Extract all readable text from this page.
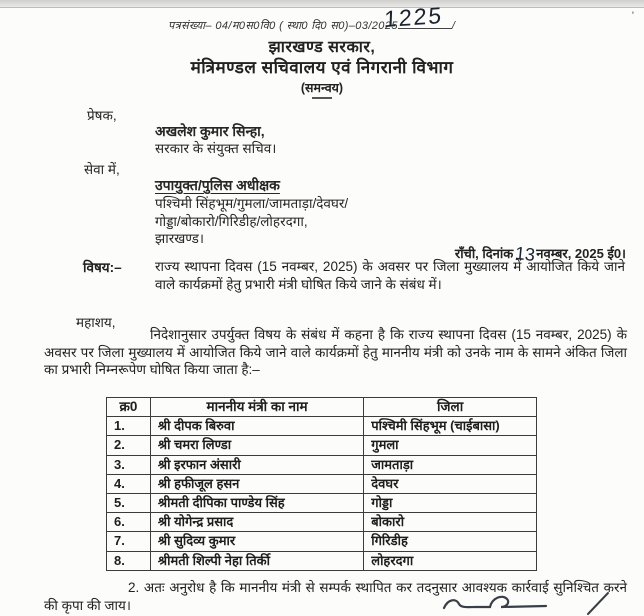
'
पत्रसंख्या– 04/म0स0वि0 ( स्था0 दि0 स0)–03/2025	/
1225
झारखण्ड सरकार,
मंत्रिमण्डल सचिवालय एवं निगरानी विभाग
(समन्वय)
प्रेषक,
अखलेश कुमार सिन्हा,
सरकार के संयुक्त सचिव।
सेवा में,
उपायुक्त/पुलिस अधीक्षक
पश्चिमी सिंहभूम/गुमला/जामताड़ा/देवघर/
गोड्डा/बोकारो/गिरिडीह/लोहरदगा,
झारखण्ड।
राँची, दिनांक13नवम्बर, 2025 ई0।
विषय:–	राज्य स्थापना दिवस (15 नवम्बर, 2025) के अवसर पर जिला मुख्यालय में आयोजित किये जाने वाले कार्यक्रमों हेतु प्रभारी मंत्री घोषित किये जाने के संबंध में।
महाशय,
निदेशानुसार उपर्युक्त विषय के संबंध में कहना है कि राज्य स्थापना दिवस (15 नवम्बर, 2025) के अवसर पर जिला मुख्यालय में आयोजित किये जाने वाले कार्यक्रमों हेतु माननीय मंत्री को उनके नाम के सामने अंकित जिला का प्रभारी निम्नरूपेण घोषित किया जाता है:–
क्र0	माननीय मंत्री का नाम	जिला
1.	श्री दीपक बिरुवा	पश्चिमी सिंहभूम (चाईबासा)
2.	श्री चमरा लिण्डा	गुमला
3.	श्री इरफान अंसारी	जामताड़ा
4.	श्री हफीजूल हसन	देवघर
5.	श्रीमती दीपिका पाण्डेय सिंह	गोड्डा
6.	श्री योगेन्द्र प्रसाद	बोकारो
7.	श्री सुदिव्य कुमार	गिरिडीह
8.	श्रीमती शिल्पी नेहा तिर्की	लोहरदगा
2. अतः अनुरोध है कि माननीय मंत्री से सम्पर्क स्थापित कर तदनुसार आवश्यक कार्रवाई सुनिश्चित करने की कृपा की जाय।
